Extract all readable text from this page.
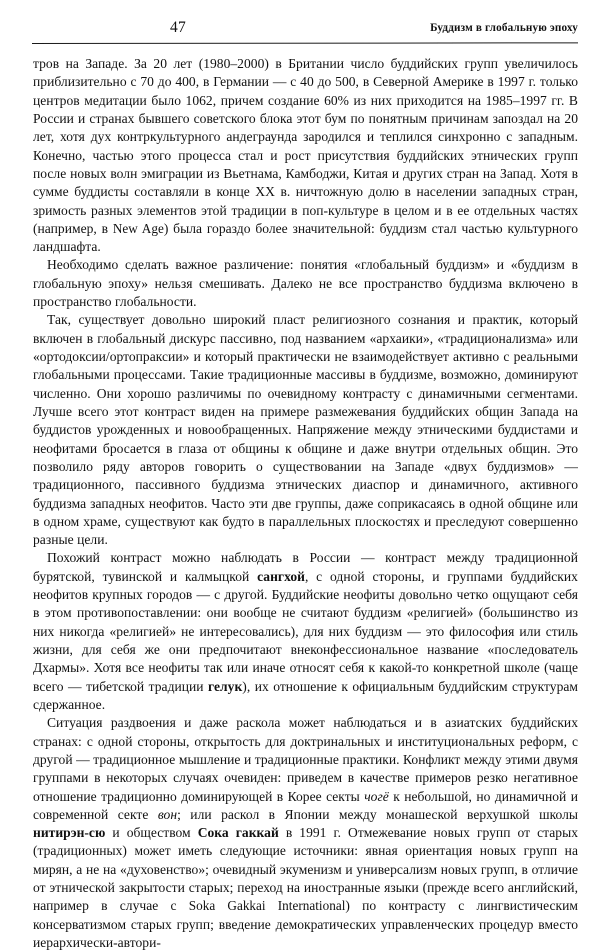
47	Буддизм в глобальную эпоху

тров на Западе. За 20 лет (1980–2000) в Британии число буддийских групп увеличилось приблизительно с 70 до 400, в Германии — с 40 до 500, в Северной Америке в 1997 г. только центров медитации было 1062, причем создание 60% из них приходится на 1985–1997 гг. В России и странах бывшего советского блока этот бум по понятным причинам запоздал на 20 лет, хотя дух контркультурного андеграунда зародился и теплился синхронно с западным. Конечно, частью этого процесса стал и рост присутствия буддийских этнических групп после новых волн эмиграции из Вьетнама, Камбоджи, Китая и других стран на Запад. Хотя в сумме буддисты составляли в конце XX в. ничтожную долю в населении западных стран, зримость разных элементов этой традиции в поп-культуре в целом и в ее отдельных частях (например, в New Age) была гораздо более значительной: буддизм стал частью культурного ландшафта.

Необходимо сделать важное различение: понятия «глобальный буддизм» и «буддизм в глобальную эпоху» нельзя смешивать. Далеко не все пространство буддизма включено в пространство глобальности.

Так, существует довольно широкий пласт религиозного сознания и практик, который включен в глобальный дискурс пассивно, под названием «архаики», «традиционализма» или «ортодоксии/ортопраксии» и который практически не взаимодействует активно с реальными глобальными процессами. Такие традиционные массивы в буддизме, возможно, доминируют численно. Они хорошо различимы по очевидному контрасту с динамичными сегментами. Лучше всего этот контраст виден на примере размежевания буддийских общин Запада на буддистов урожденных и новообращенных. Напряжение между этническими буддистами и неофитами бросается в глаза от общины к общине и даже внутри отдельных общин. Это позволило ряду авторов говорить о существовании на Западе «двух буддизмов» — традиционного, пассивного буддизма этнических диаспор и динамичного, активного буддизма западных неофитов. Часто эти две группы, даже соприкасаясь в одной общине или в одном храме, существуют как будто в параллельных плоскостях и преследуют совершенно разные цели.

Похожий контраст можно наблюдать в России — контраст между традиционной бурятской, тувинской и калмыцкой сангхой, с одной стороны, и группами буддийских неофитов крупных городов — с другой. Буддийские неофиты довольно четко ощущают себя в этом противопоставлении: они вообще не считают буддизм «религией» (большинство из них никогда «религией» не интересовались), для них буддизм — это философия или стиль жизни, для себя же они предпочитают внеконфессиональное название «последователь Дхармы». Хотя все неофиты так или иначе относят себя к какой-то конкретной школе (чаще всего — тибетской традиции гелук), их отношение к официальным буддийским структурам сдержанное.

Ситуация раздвоения и даже раскола может наблюдаться и в азиатских буддийских странах: с одной стороны, открытость для доктринальных и институциональных реформ, с другой — традиционное мышление и традиционные практики. Конфликт между этими двумя группами в некоторых случаях очевиден: приведем в качестве примеров резко негативное отношение традиционно доминирующей в Корее секты чогё к небольшой, но динамичной и современной секте вон; или раскол в Японии между монашеской верхушкой школы нитирэн-сю и обществом Сока гаккай в 1991 г. Отмежевание новых групп от старых (традиционных) может иметь следующие источники: явная ориентация новых групп на мирян, а не на «духовенство»; очевидный экуменизм и универсализм новых групп, в отличие от этнической закрытости старых; переход на иностранные языки (прежде всего английский, например в случае с Soka Gakkai International) по контрасту с лингвистическим консерватизмом старых групп; введение демократических управленческих процедур вместо иерархически-автори-
